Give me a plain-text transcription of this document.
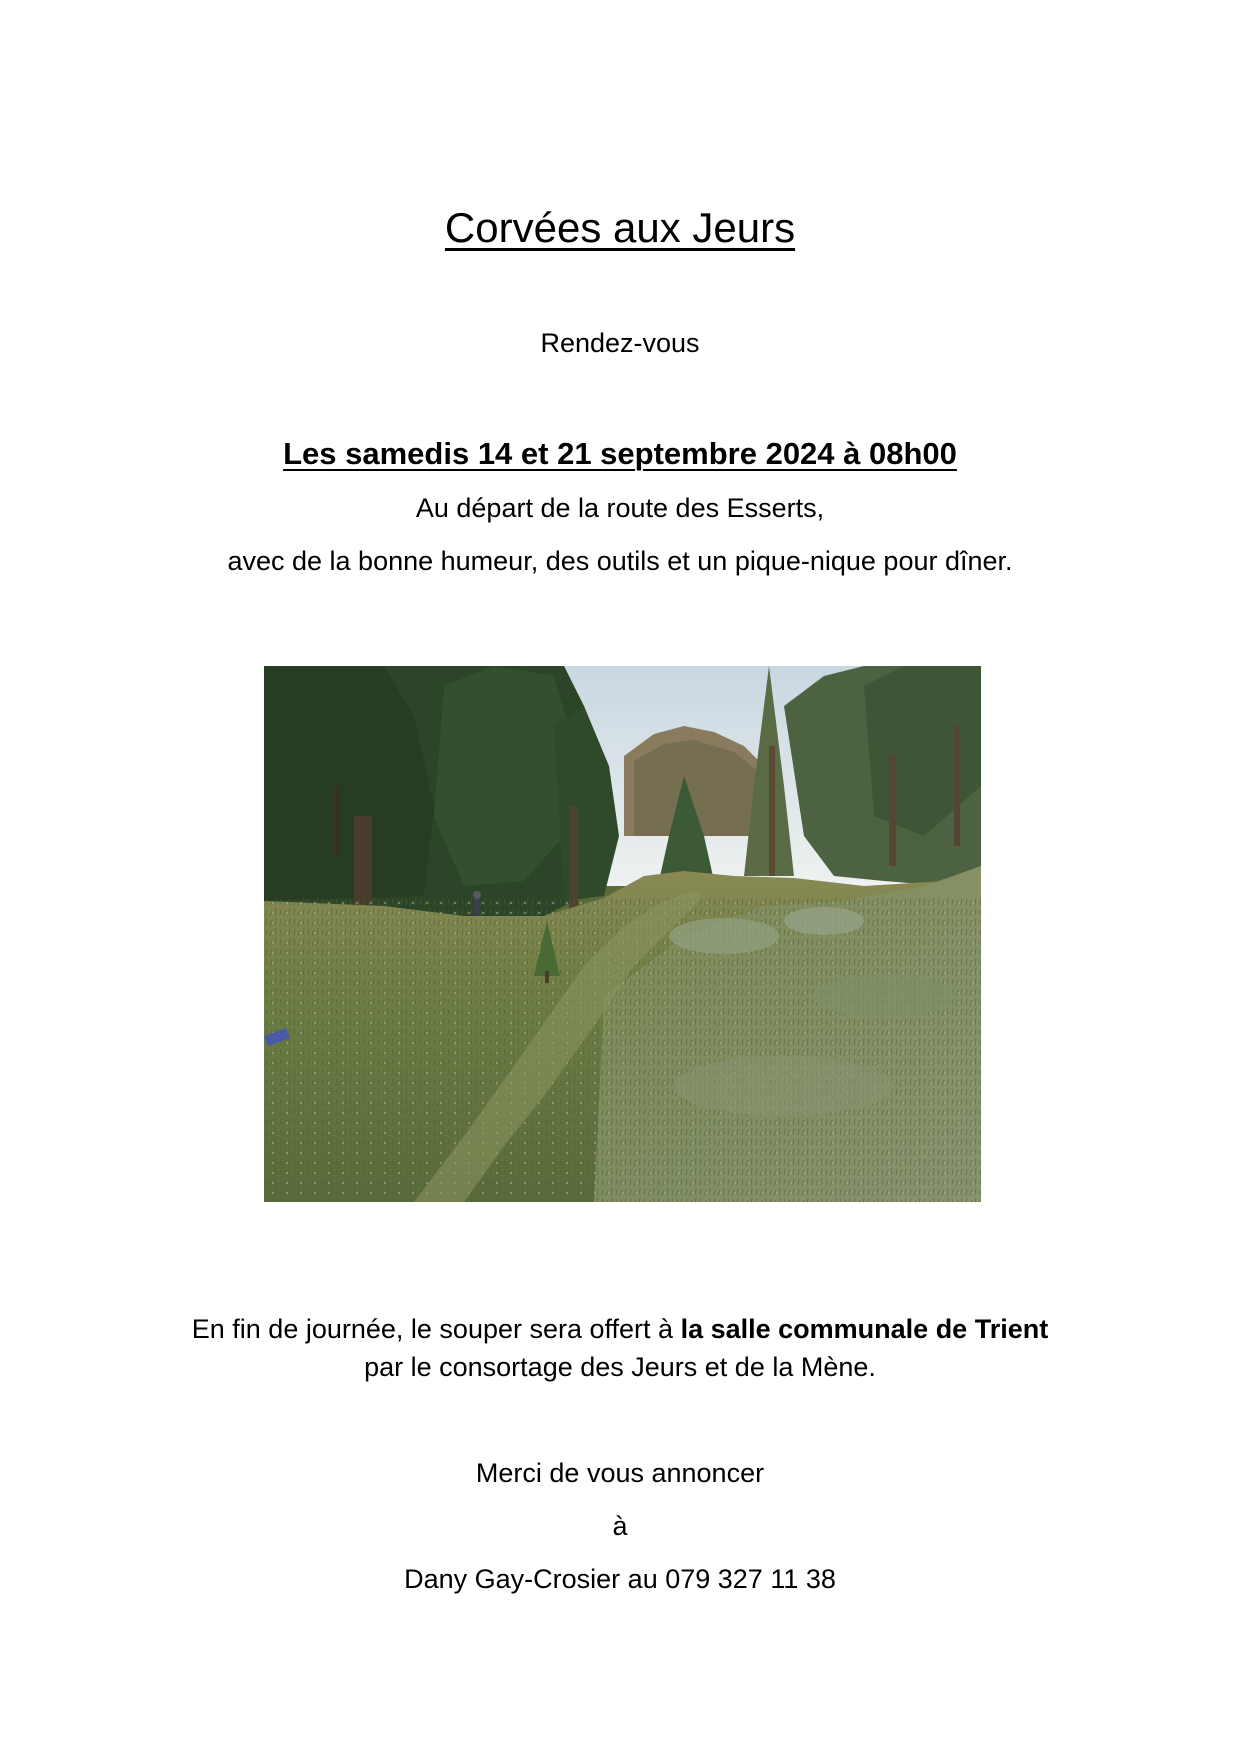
Corvées aux Jeurs
Rendez-vous
Les samedis 14 et 21 septembre 2024 à 08h00
Au départ de la route des Esserts,
avec de la bonne humeur, des outils et un pique-nique pour dîner.
En fin de journée, le souper sera offert à la salle communale de Trient
par le consortage des Jeurs et de la Mène.
Merci de vous annoncer
à
Dany Gay-Crosier au 079 327 11 38
